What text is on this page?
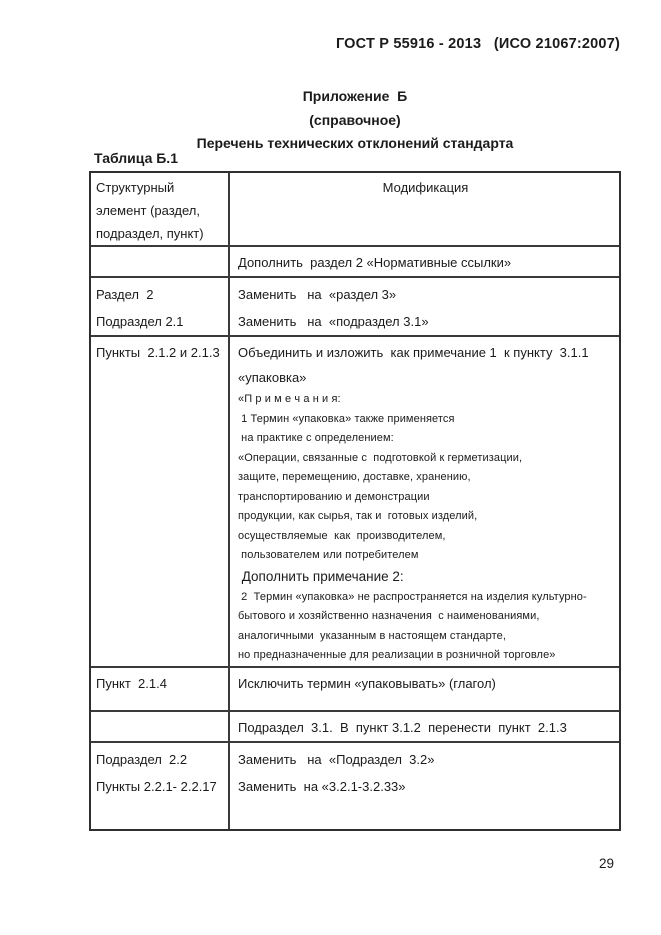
ГОСТ Р 55916 - 2013   (ИСО 21067:2007)
Приложение  Б
(справочное)
Перечень технических отклонений стандарта
Таблица Б.1
Структурный
элемент (раздел,
подраздел, пункт)
Модификация
Дополнить  раздел 2 «Нормативные ссылки»
Раздел  2
Подраздел 2.1
Заменить   на  «раздел 3»
Заменить   на  «подраздел 3.1»
Пункты  2.1.2 и 2.1.3	Объединить и изложить  как примечание 1  к пункту  3.1.1
«упаковка»
«П р и м е ч а н и я:
1 Термин «упаковка» также применяется
на практике с определением:
«Операции, связанные с  подготовкой к герметизации,
защите, перемещению, доставке, хранению,
транспортированию и демонстрации
продукции, как сырья, так и  готовых изделий,
осуществляемые  как  производителем,
пользователем или потребителем
Дополнить примечание 2:
2  Термин «упаковка» не распространяется на изделия культурно-
бытового и хозяйственно назначения  с наименованиями,
аналогичными  указанным в настоящем стандарте,
но предназначенные для реализации в розничной торговле»
Пункт  2.1.4	Исключить термин «упаковывать» (глагол)
Подраздел  3.1.  В  пункт 3.1.2  перенести  пункт  2.1.3
Подраздел  2.2
Пункты 2.2.1- 2.2.17
Заменить   на  «Подраздел  3.2»
Заменить  на «3.2.1-3.2.33»
29
